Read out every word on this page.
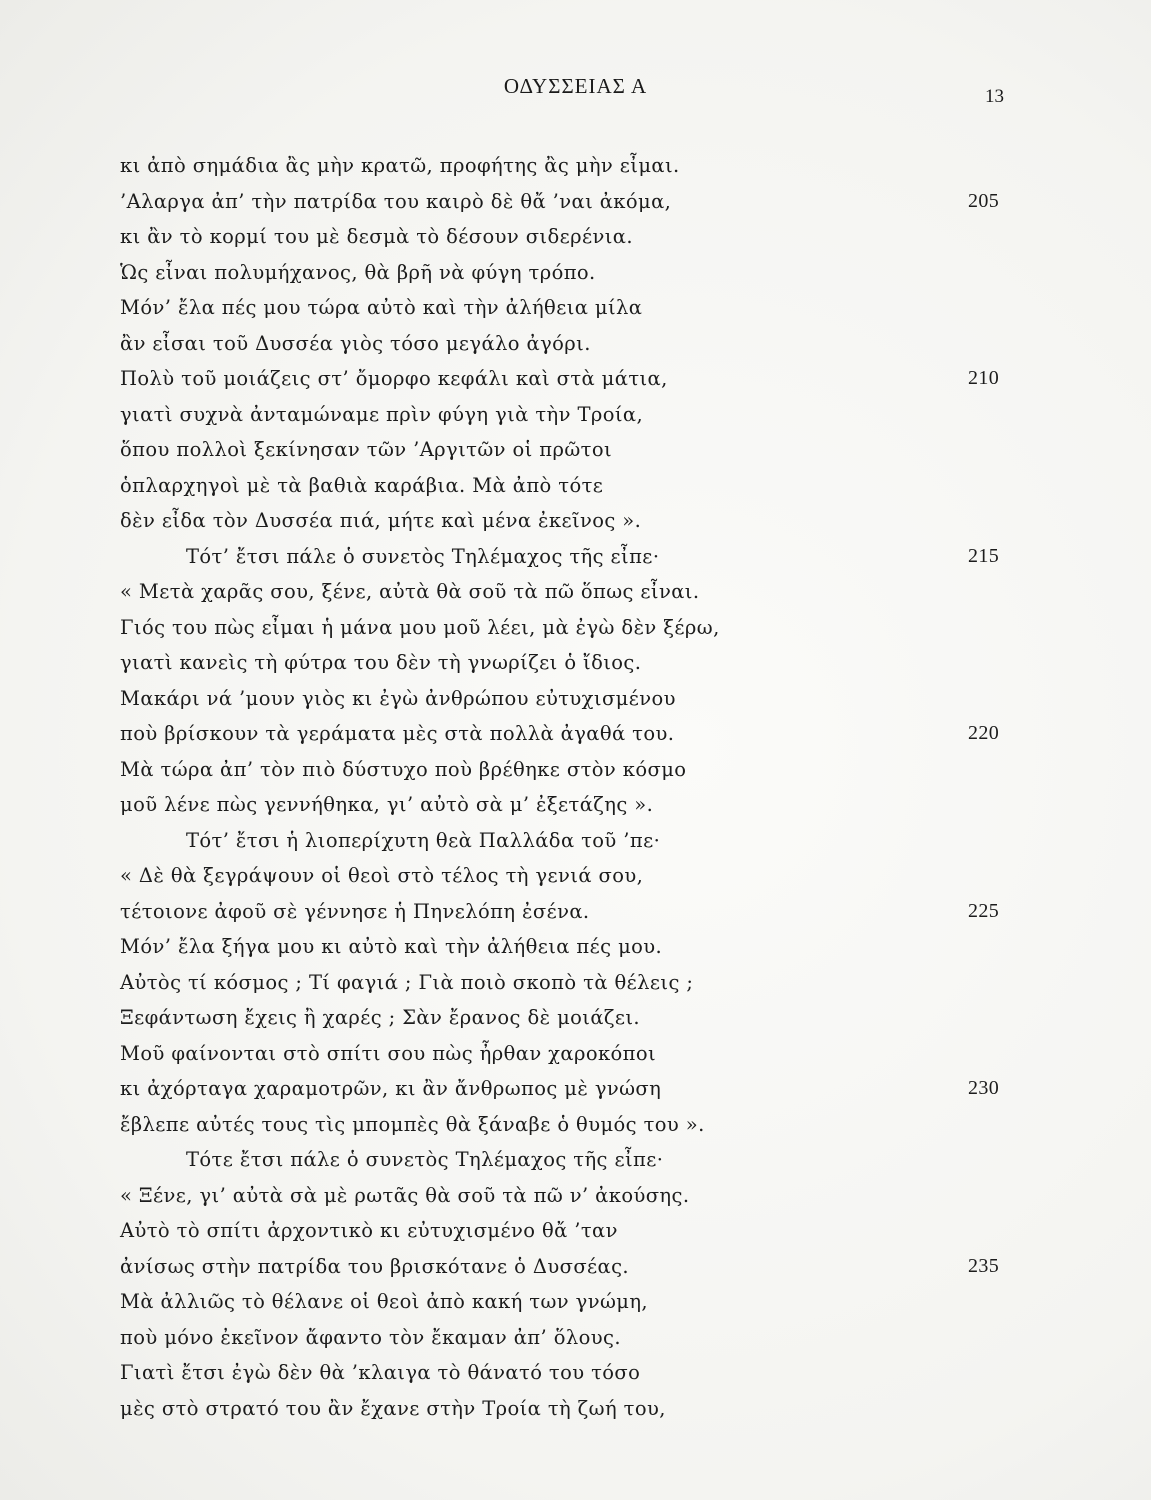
ΟΔΥΣΣΕΙΑΣ Α	13
κι ἀπὸ σημάδια ἂς μὴν κρατῶ, προφήτης ἂς μὴν εἶμαι.
’Αλαργα ἀπ’ τὴν πατρίδα του καιρὸ δὲ θἄ ’ναι ἀκόμα,	205
κι ἂν τὸ κορμί του μὲ δεσμὰ τὸ δέσουν σιδερένια.
Ὡς εἶναι πολυμήχανος, θὰ βρῆ νὰ φύγη τρόπο.
Μόν’ ἔλα πές μου τώρα αὐτὸ καὶ τὴν ἀλήθεια μίλα
ἂν εἶσαι τοῦ Δυσσέα γιὸς τόσο μεγάλο ἀγόρι.
Πολὺ τοῦ μοιάζεις στ’ ὄμορφο κεφάλι καὶ στὰ μάτια,	210
γιατὶ συχνὰ ἀνταμώναμε πρὶν φύγη γιὰ τὴν Τροία,
ὅπου πολλοὶ ξεκίνησαν τῶν ’Αργιτῶν οἱ πρῶτοι
ὁπλαρχηγοὶ μὲ τὰ βαθιὰ καράβια. Μὰ ἀπὸ τότε
δὲν εἶδα τὸν Δυσσέα πιά, μήτε καὶ μένα ἐκεῖνος ».
Τότ’ ἔτσι πάλε ὁ συνετὸς Τηλέμαχος τῆς εἶπε·	215
« Μετὰ χαρᾶς σου, ξένε, αὐτὰ θὰ σοῦ τὰ πῶ ὅπως εἶναι.
Γιός του πὼς εἶμαι ἡ μάνα μου μοῦ λέει, μὰ ἐγὼ δὲν ξέρω,
γιατὶ κανεὶς τὴ φύτρα του δὲν τὴ γνωρίζει ὁ ἴδιος.
Μακάρι νά ’μουν γιὸς κι ἐγὼ ἀνθρώπου εὐτυχισμένου
ποὺ βρίσκουν τὰ γεράματα μὲς στὰ πολλὰ ἀγαθά του.	220
Μὰ τώρα ἀπ’ τὸν πιὸ δύστυχο ποὺ βρέθηκε στὸν κόσμο
μοῦ λένε πὼς γεννήθηκα, γι’ αὐτὸ σὰ μ’ ἐξετάζης ».
Τότ’ ἔτσι ἡ λιοπερίχυτη θεὰ Παλλάδα τοῦ ’πε·
« Δὲ θὰ ξεγράψουν οἱ θεοὶ στὸ τέλος τὴ γενιά σου,
τέτοιονε ἀφοῦ σὲ γέννησε ἡ Πηνελόπη ἐσένα.	225
Μόν’ ἔλα ξήγα μου κι αὐτὸ καὶ τὴν ἀλήθεια πές μου.
Αὐτὸς τί κόσμος ; Τί φαγιά ; Γιὰ ποιὸ σκοπὸ τὰ θέλεις ;
Ξεφάντωση ἔχεις ἢ χαρές ; Σὰν ἔρανος δὲ μοιάζει.
Μοῦ φαίνονται στὸ σπίτι σου πὼς ἦρθαν χαροκόποι
κι ἀχόρταγα χαραμοτρῶν, κι ἂν ἄνθρωπος μὲ γνώση	230
ἔβλεπε αὐτές τους τὶς μπομπὲς θὰ ξάναβε ὁ θυμός του ».
Τότε ἔτσι πάλε ὁ συνετὸς Τηλέμαχος τῆς εἶπε·
« Ξένε, γι’ αὐτὰ σὰ μὲ ρωτᾶς θὰ σοῦ τὰ πῶ ν’ ἀκούσης.
Αὐτὸ τὸ σπίτι ἀρχοντικὸ κι εὐτυχισμένο θἄ ’ταν
ἀνίσως στὴν πατρίδα του βρισκότανε ὁ Δυσσέας.	235
Μὰ ἀλλιῶς τὸ θέλανε οἱ θεοὶ ἀπὸ κακή των γνώμη,
ποὺ μόνο ἐκεῖνον ἄφαντο τὸν ἔκαμαν ἀπ’ ὅλους.
Γιατὶ ἔτσι ἐγὼ δὲν θὰ ’κλαιγα τὸ θάνατό του τόσο
μὲς στὸ στρατό του ἂν ἔχανε στὴν Τροία τὴ ζωή του,
